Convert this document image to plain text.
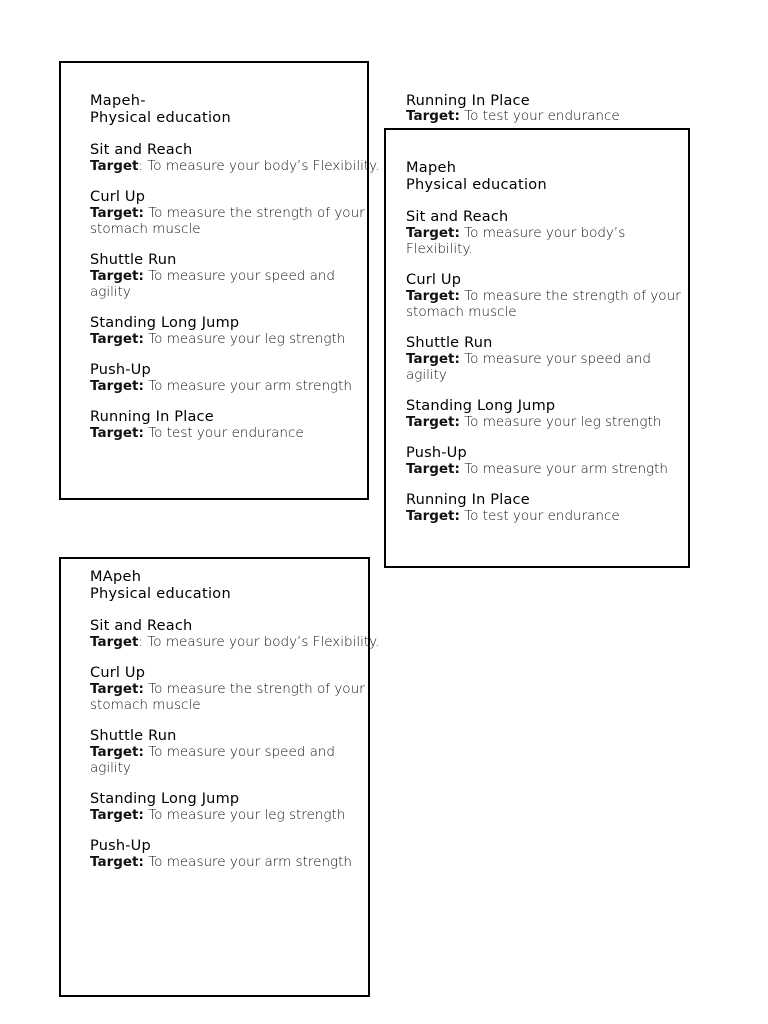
Mapeh-
Physical education
Sit and Reach
Target: To measure your body’s Flexibility.
Curl Up
Target: To measure the strength of your stomach muscle
Shuttle Run
Target: To measure your speed and agility
Standing Long Jump
Target: To measure your leg strength
Push-Up
Target: To measure your arm strength
Running In Place
Target: To test your endurance
Running In Place
Target: To test your endurance
Mapeh
Physical education
Sit and Reach
Target: To measure your body’s Flexibility.
Curl Up
Target: To measure the strength of your stomach muscle
Shuttle Run
Target: To measure your speed and agility
Standing Long Jump
Target: To measure your leg strength
Push-Up
Target: To measure your arm strength
Running In Place
Target: To test your endurance
MApeh
Physical education
Sit and Reach
Target: To measure your body’s Flexibility.
Curl Up
Target: To measure the strength of your stomach muscle
Shuttle Run
Target: To measure your speed and agility
Standing Long Jump
Target: To measure your leg strength
Push-Up
Target: To measure your arm strength
